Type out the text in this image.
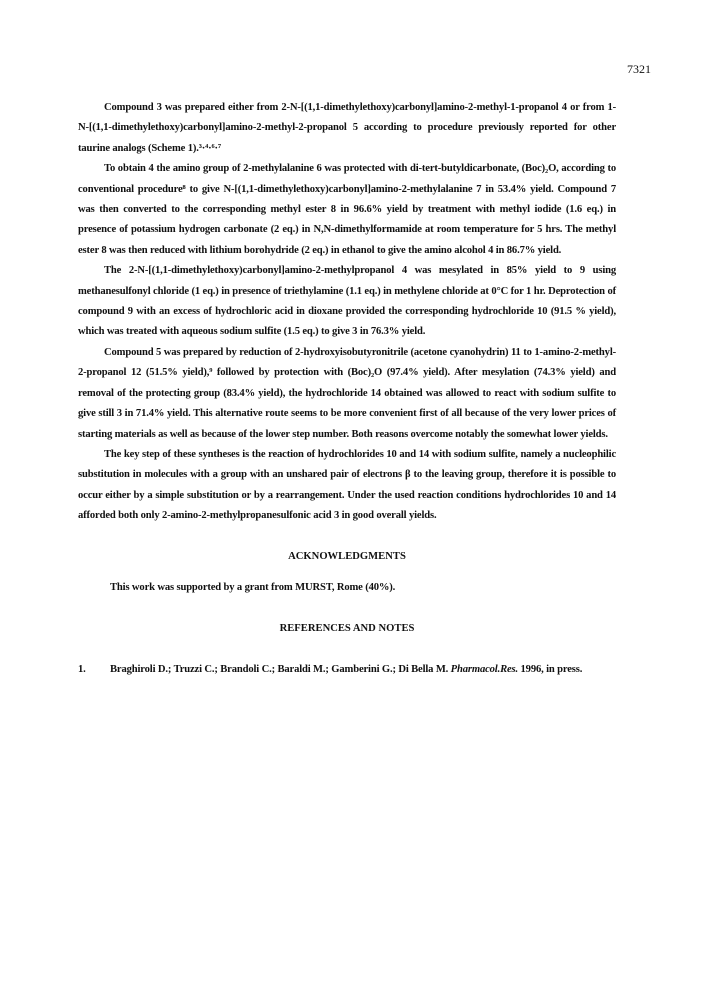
7321

Compound 3 was prepared either from 2-N-[(1,1-dimethylethoxy)carbonyl]amino-2-methyl-1-propanol 4 or from 1-N-[(1,1-dimethylethoxy)carbonyl]amino-2-methyl-2-propanol 5 according to procedure previously reported for other taurine analogs (Scheme 1).³·⁴·⁶·⁷

To obtain 4 the amino group of 2-methylalanine 6 was protected with di-tert-butyldicarbonate, (Boc)₂O, according to conventional procedure⁸ to give N-[(1,1-dimethylethoxy)carbonyl]amino-2-methylalanine 7 in 53.4% yield. Compound 7 was then converted to the corresponding methyl ester 8 in 96.6% yield by treatment with methyl iodide (1.6 eq.) in presence of potassium hydrogen carbonate (2 eq.) in N,N-dimethylformamide at room temperature for 5 hrs. The methyl ester 8 was then reduced with lithium borohydride (2 eq.) in ethanol to give the amino alcohol 4 in 86.7% yield.

The 2-N-[(1,1-dimethylethoxy)carbonyl]amino-2-methylpropanol 4 was mesylated in 85% yield to 9 using methanesulfonyl chloride (1 eq.) in presence of triethylamine (1.1 eq.) in methylene chloride at 0°C for 1 hr. Deprotection of compound 9 with an excess of hydrochloric acid in dioxane provided the corresponding hydrochloride 10 (91.5 % yield), which was treated with aqueous sodium sulfite (1.5 eq.) to give 3 in 76.3% yield.

Compound 5 was prepared by reduction of 2-hydroxyisobutyronitrile (acetone cyanohydrin) 11 to 1-amino-2-methyl-2-propanol 12 (51.5% yield),⁹ followed by protection with (Boc)₂O (97.4% yield). After mesylation (74.3% yield) and removal of the protecting group (83.4% yield), the hydrochloride 14 obtained was allowed to react with sodium sulfite to give still 3 in 71.4% yield. This alternative route seems to be more convenient first of all because of the very lower prices of starting materials as well as because of the lower step number. Both reasons overcome notably the somewhat lower yields.

The key step of these syntheses is the reaction of hydrochlorides 10 and 14 with sodium sulfite, namely a nucleophilic substitution in molecules with a group with an unshared pair of electrons β to the leaving group, therefore it is possible to occur either by a simple substitution or by a rearrangement. Under the used reaction conditions hydrochlorides 10 and 14 afforded both only 2-amino-2-methylpropanesulfonic acid 3 in good overall yields.

ACKNOWLEDGMENTS

This work was supported by a grant from MURST, Rome (40%).

REFERENCES AND NOTES

1.	Braghiroli D.; Truzzi C.; Brandoli C.; Baraldi M.; Gamberini G.; Di Bella M. Pharmacol.Res. 1996, in press.
